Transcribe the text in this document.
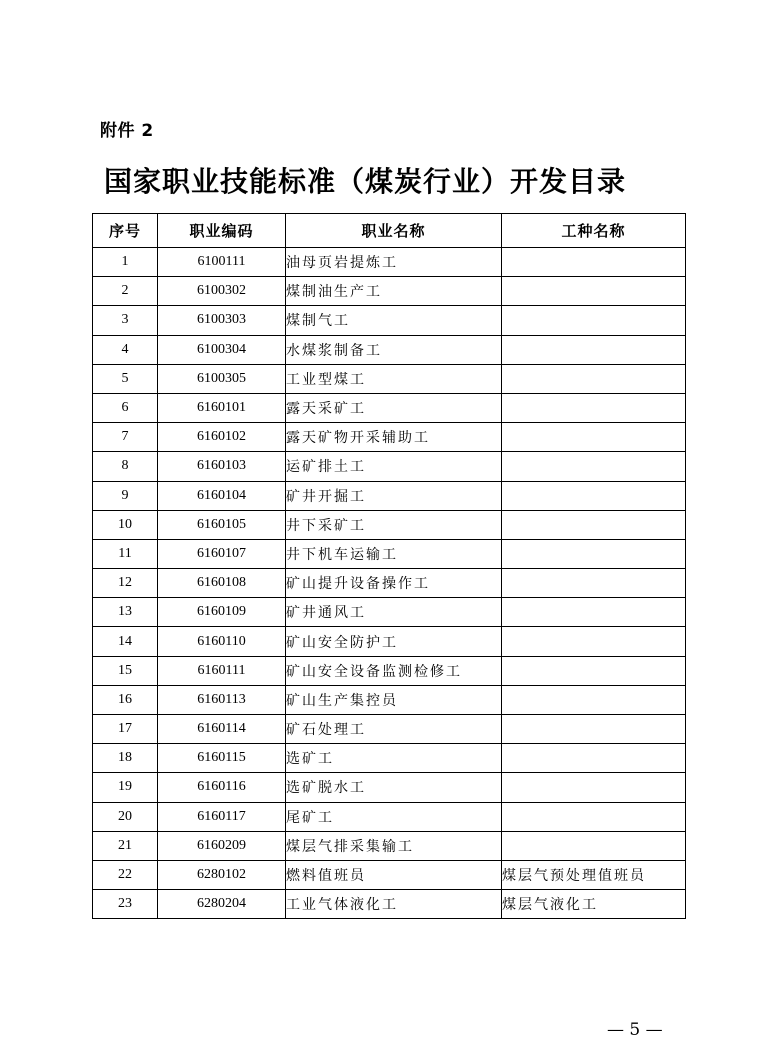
附件 2
国家职业技能标准（煤炭行业）开发目录
序号	职业编码	职业名称	工种名称
1	6100111	油母页岩提炼工	
2	6100302	煤制油生产工	
3	6100303	煤制气工	
4	6100304	水煤浆制备工	
5	6100305	工业型煤工	
6	6160101	露天采矿工	
7	6160102	露天矿物开采辅助工	
8	6160103	运矿排土工	
9	6160104	矿井开掘工	
10	6160105	井下采矿工	
11	6160107	井下机车运输工	
12	6160108	矿山提升设备操作工	
13	6160109	矿井通风工	
14	6160110	矿山安全防护工	
15	6160111	矿山安全设备监测检修工	
16	6160113	矿山生产集控员	
17	6160114	矿石处理工	
18	6160115	选矿工	
19	6160116	选矿脱水工	
20	6160117	尾矿工	
21	6160209	煤层气排采集输工	
22	6280102	燃料值班员	煤层气预处理值班员
23	6280204	工业气体液化工	煤层气液化工
— 5 —
